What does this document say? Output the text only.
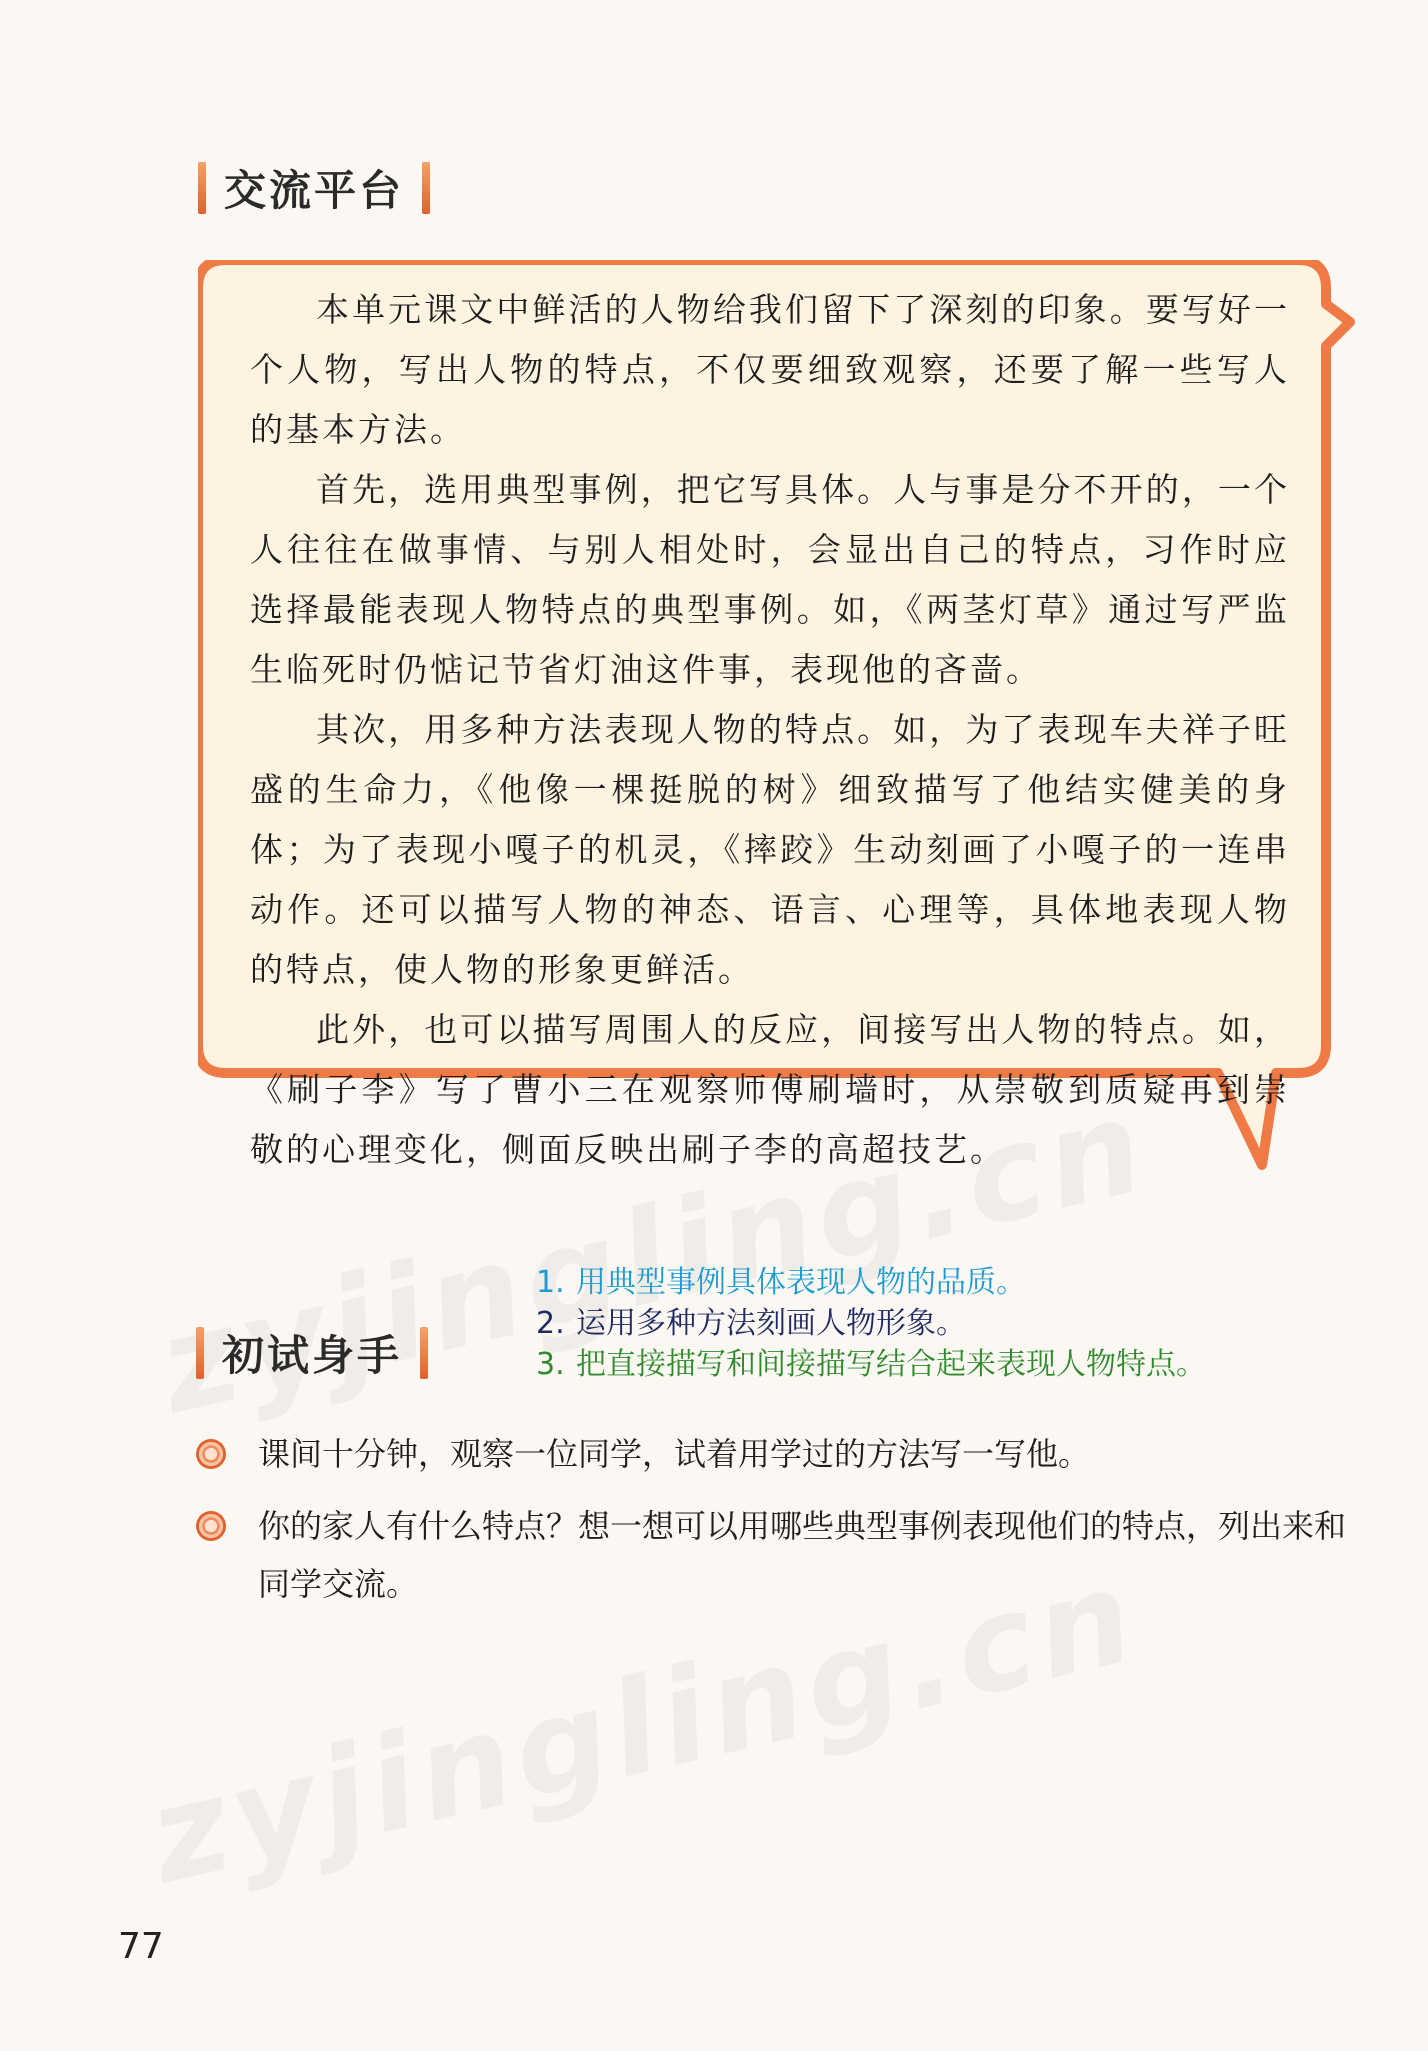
交流平台

本单元课文中鲜活的人物给我们留下了深刻的印象。要写好一个人物，写出人物的特点，不仅要细致观察，还要了解一些写人的基本方法。

首先，选用典型事例，把它写具体。人与事是分不开的，一个人往往在做事情、与别人相处时，会显出自己的特点，习作时应选择最能表现人物特点的典型事例。如，《两茎灯草》通过写严监生临死时仍惦记节省灯油这件事，表现他的吝啬。

其次，用多种方法表现人物的特点。如，为了表现车夫祥子旺盛的生命力，《他像一棵挺脱的树》细致描写了他结实健美的身体；为了表现小嘎子的机灵，《摔跤》生动刻画了小嘎子的一连串动作。还可以描写人物的神态、语言、心理等，具体地表现人物的特点，使人物的形象更鲜活。

此外，也可以描写周围人的反应，间接写出人物的特点。如，《刷子李》写了曹小三在观察师傅刷墙时，从崇敬到质疑再到崇敬的心理变化，侧面反映出刷子李的高超技艺。

1. 用典型事例具体表现人物的品质。
2. 运用多种方法刻画人物形象。
3. 把直接描写和间接描写结合起来表现人物特点。
初试身手
课间十分钟，观察一位同学，试着用学过的方法写一写他。
你的家人有什么特点？想一想可以用哪些典型事例表现他们的特点，列出来和同学交流。
77
